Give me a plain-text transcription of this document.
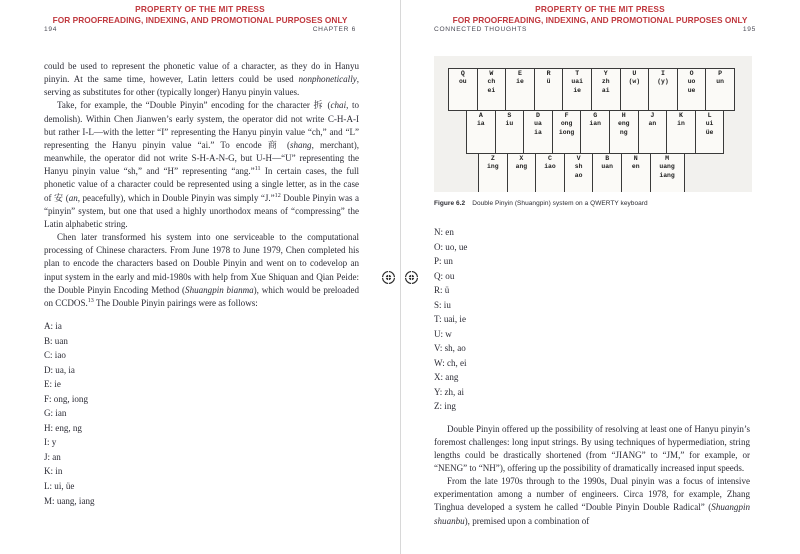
PROPERTY OF THE MIT PRESS
FOR PROOFREADING, INDEXING, AND PROMOTIONAL PURPOSES ONLY
194	CHAPTER 6

could be used to represent the phonetic value of a character, as they do in Hanyu pinyin. At the same time, however, Latin letters could be used nonphonetically, serving as substitutes for other (typically longer) Hanyu pinyin values.

Take, for example, the “Double Pinyin” encoding for the character 拆 (chai, to demolish). Within Chen Jianwen’s early system, the operator did not write C-H-A-I but rather I-L—with the letter “I” representing the Hanyu pinyin value “ch,” and “L” representing the Hanyu pinyin value “ai.” To encode 商 (shang, merchant), meanwhile, the operator did not write S-H-A-N-G, but U-H—“U” representing the Hanyu pinyin value “sh,” and “H” representing “ang.”$^{11}$ In certain cases, the full phonetic value of a character could be represented using a single letter, as in the case of 安 (an, peacefully), which in Double Pinyin was simply “J.”$^{12}$ Double Pinyin was a “pinyin” system, but one that used a highly unorthodox means of “compressing” the Latin alphabetic string.

Chen later transformed his system into one serviceable to the computational processing of Chinese characters. From June 1978 to June 1979, Chen completed his plan to encode the characters based on Double Pinyin and went on to codevelop an input system in the early and mid-1980s with help from Xue Shiquan and Qian Peide: the Double Pinyin Encoding Method (Shuangpin bianma), which would be preloaded on CCDOS.$^{13}$ The Double Pinyin pairings were as follows:

A: ia
B: uan
C: iao
D: ua, ia
E: ie
F: ong, iong
G: ian
H: eng, ng
I: y
J: an
K: in
L: ui, üe
M: uang, iang
PROPERTY OF THE MIT PRESS
FOR PROOFREADING, INDEXING, AND PROMOTIONAL PURPOSES ONLY
CONNECTED THOUGHTS	195
Q
ou
W
ch
ei
E
ie
R
ü
T
uai
ie
Y
zh
ai
U
(w)
I
(y)
O
uo
ue
P
un
A
ia
S
iu
D
ua
ia
F
ong
iong
G
ian
H
eng
ng
J
an
K
in
L
ui
üe
Z
ing
X
ang
C
iao
V
sh
ao
B
uan
N
en
M
uang
iang
Figure 6.2 Double Pinyin (Shuangpin) system on a QWERTY keyboard
N: en
O: uo, ue
P: un
Q: ou
R: ü
S: iu
T: uai, ie
U: w
V: sh, ao
W: ch, ei
X: ang
Y: zh, ai
Z: ing

Double Pinyin offered up the possibility of resolving at least one of Hanyu pinyin’s foremost challenges: long input strings. By using techniques of hypermediation, string lengths could be drastically shortened (from “JIANG” to “JM,” for example, or “NENG” to “NH”), offering up the possibility of dramatically increased input speeds.

From the late 1970s through to the 1990s, Dual pinyin was a focus of intensive experimentation among a number of engineers. Circa 1978, for example, Zhang Tinghua developed a system he called “Double Pinyin Double Radical” (Shuangpin shuanbu), premised upon a combination of
